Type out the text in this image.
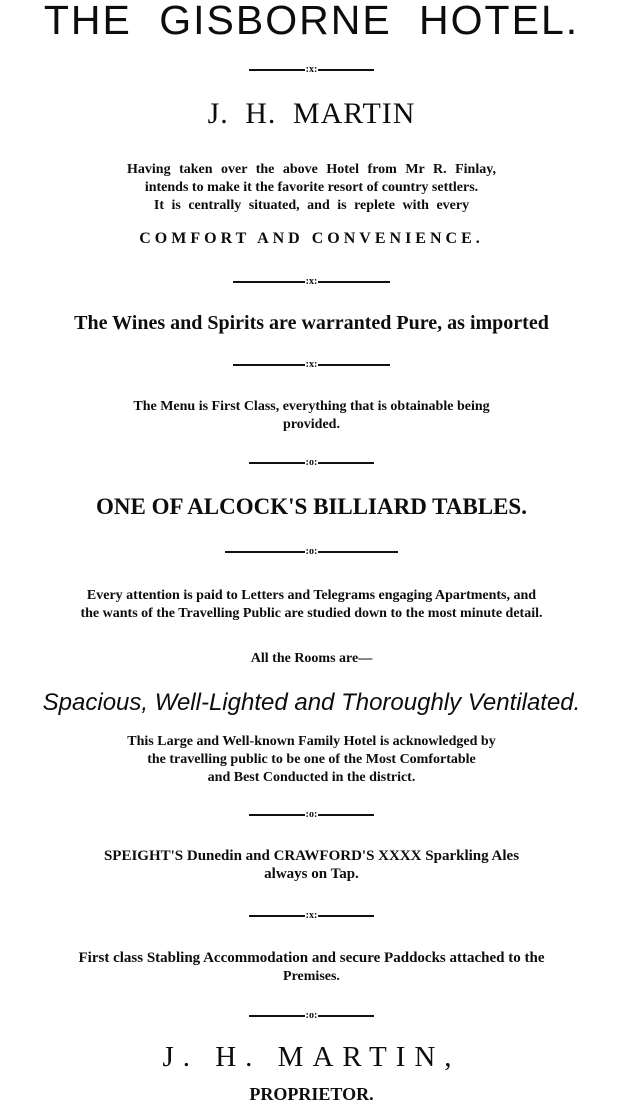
THE GISBORNE HOTEL.
:x:

J. H. MARTIN

Having taken over the above Hotel from Mr R. Finlay,

intends to make it the favorite resort of country settlers.

It is centrally situated, and is replete with every

COMFORT AND CONVENIENCE.

:x:

The Wines and Spirits are warranted Pure, as imported

:x:

The Menu is First Class, everything that is obtainable being

provided.

:o:

ONE OF ALCOCK'S BILLIARD TABLES.

:o:

Every attention is paid to Letters and Telegrams engaging Apartments, and

the wants of the Travelling Public are studied down to the most minute detail.

All the Rooms are—

Spacious, Well-Lighted and Thoroughly Ventilated.

This Large and Well-known Family Hotel is acknowledged by

the travelling public to be one of the Most Comfortable

and Best Conducted in the district.

:o:

SPEIGHT'S Dunedin and CRAWFORD'S XXXX Sparkling Ales

always on Tap.

:x:

First class Stabling Accommodation and secure Paddocks attached to the

Premises.

:o:

J. H. MARTIN,

PROPRIETOR.
